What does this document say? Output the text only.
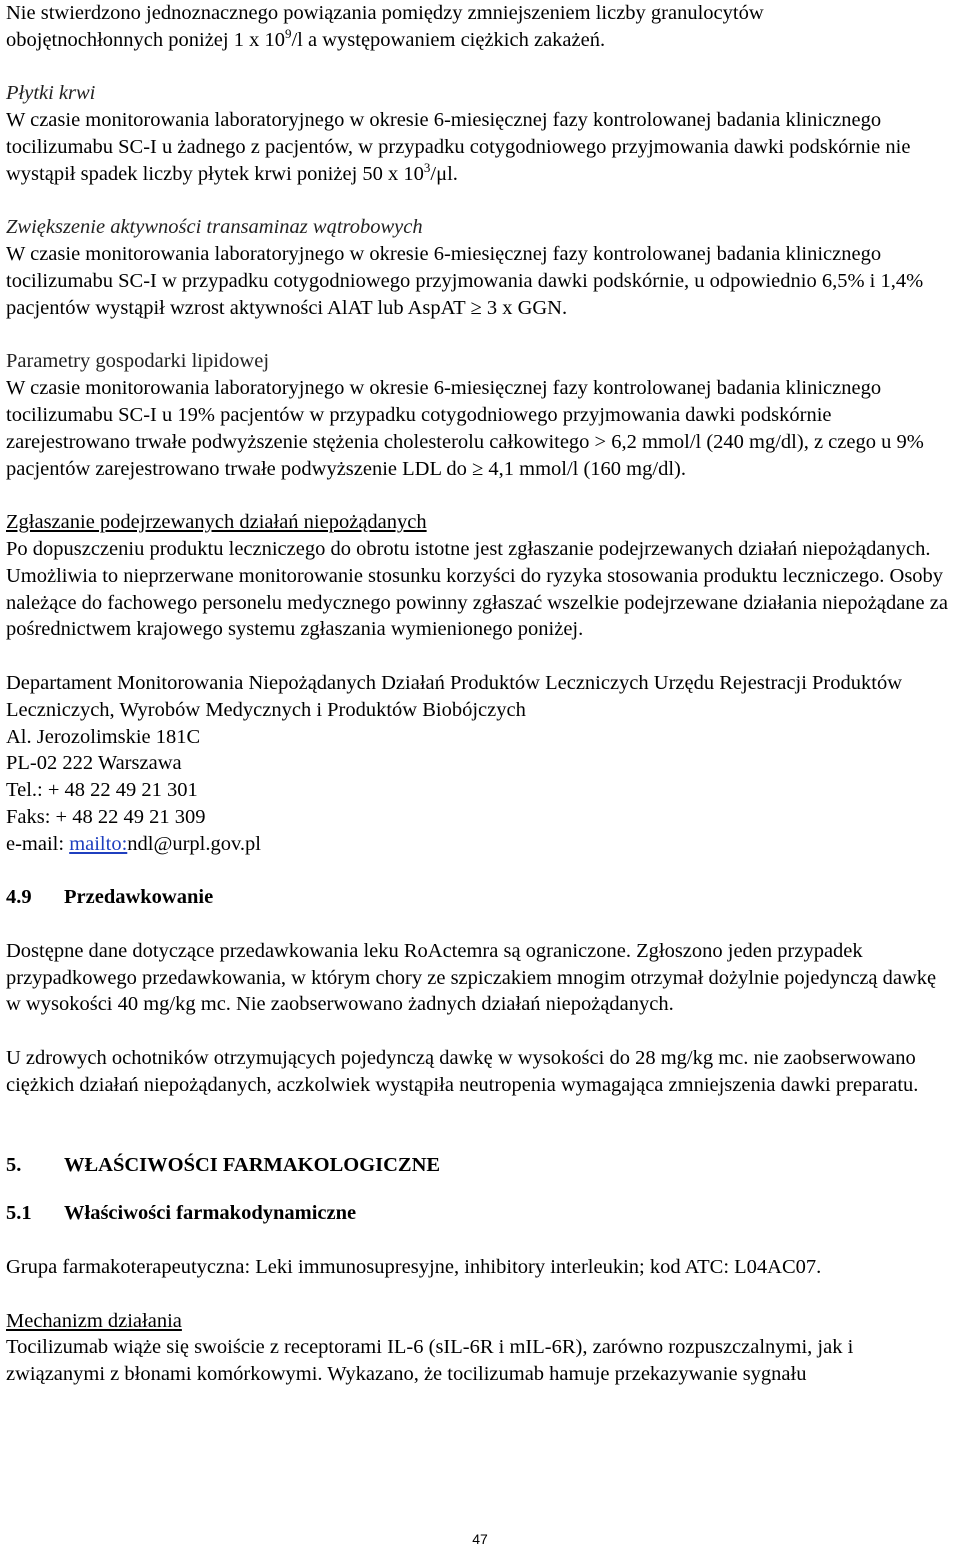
Nie stwierdzono jednoznacznego powiązania pomiędzy zmniejszeniem liczby granulocytów
obojętnochłonnych poniżej 1 x $10^9/l$ a występowaniem ciężkich zakażeń.

Płytki krwi

W czasie monitorowania laboratoryjnego w okresie 6-miesięcznej fazy kontrolowanej badania klinicznego tocilizumabu SC-I u żadnego z pacjentów, w przypadku cotygodniowego przyjmowania dawki podskórnie nie wystąpił spadek liczby płytek krwi poniżej 50 x $10^3/\mu l$.

Zwiększenie aktywności transaminaz wątrobowych

W czasie monitorowania laboratoryjnego w okresie 6-miesięcznej fazy kontrolowanej badania klinicznego tocilizumabu SC-I w przypadku cotygodniowego przyjmowania dawki podskórnie, u odpowiednio 6,5% i 1,4% pacjentów wystąpił wzrost aktywności AlAT lub AspAT ≥ 3 x GGN.

Parametry gospodarki lipidowej

W czasie monitorowania laboratoryjnego w okresie 6-miesięcznej fazy kontrolowanej badania klinicznego tocilizumabu SC-I u 19% pacjentów w przypadku cotygodniowego przyjmowania dawki podskórnie zarejestrowano trwałe podwyższenie stężenia cholesterolu całkowitego > 6,2 mmol/l (240 mg/dl), z czego u 9% pacjentów zarejestrowano trwałe podwyższenie LDL do ≥ 4,1 mmol/l (160 mg/dl).

Zgłaszanie podejrzewanych działań niepożądanych

Po dopuszczeniu produktu leczniczego do obrotu istotne jest zgłaszanie podejrzewanych działań niepożądanych. Umożliwia to nieprzerwane monitorowanie stosunku korzyści do ryzyka stosowania produktu leczniczego. Osoby należące do fachowego personelu medycznego powinny zgłaszać wszelkie podejrzewane działania niepożądane za pośrednictwem krajowego systemu zgłaszania wymienionego poniżej.

Departament Monitorowania Niepożądanych Działań Produktów Leczniczych Urzędu Rejestracji Produktów Leczniczych, Wyrobów Medycznych i Produktów Biobójczych

Al. Jerozolimskie 181C

PL-02 222 Warszawa

Tel.: + 48 22 49 21 301

Faks: + 48 22 49 21 309

e-mail: mailto:ndl@urpl.gov.pl

4.9 Przedawkowanie

Dostępne dane dotyczące przedawkowania leku RoActemra są ograniczone. Zgłoszono jeden przypadek przypadkowego przedawkowania, w którym chory ze szpiczakiem mnogim otrzymał dożylnie pojedynczą dawkę w wysokości 40 mg/kg mc. Nie zaobserwowano żadnych działań niepożądanych.

U zdrowych ochotników otrzymujących pojedynczą dawkę w wysokości do 28 mg/kg mc. nie zaobserwowano ciężkich działań niepożądanych, aczkolwiek wystąpiła neutropenia wymagająca zmniejszenia dawki preparatu.

5. WŁAŚCIWOŚCI FARMAKOLOGICZNE
5.1 Właściwości farmakodynamiczne

Grupa farmakoterapeutyczna: Leki immunosupresyjne, inhibitory interleukin; kod ATC: L04AC07.

Mechanizm działania

Tocilizumab wiąże się swoiście z receptorami IL-6 (sIL-6R i mIL-6R), zarówno rozpuszczalnymi, jak i związanymi z błonami komórkowymi. Wykazano, że tocilizumab hamuje przekazywanie sygnału

47
